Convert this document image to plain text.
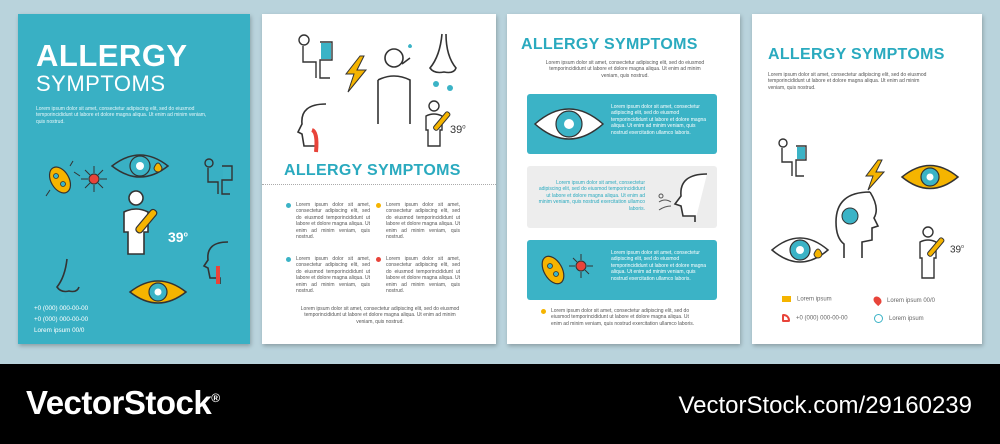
ALLERGY
SYMPTOMS
Lorem ipsum dolor sit amet, consectetur adipiscing elit, sed do eiusmod temporincididunt ut labore et dolore magna aliqua. Ut enim ad minim veniam, quis nostrud.
$39^o$
+0 (000) 000-00-00
+0 (000) 000-00-00
Lorem ipsum 00/0
39$^o$
ALLERGY SYMPTOMS
Lorem ipsum dolor sit amet, consectetur adipiscing elit, sed do eiusmod temporincididunt ut labore et dolore magna aliqua. Ut enim ad minim veniam, quis nostrud.
Lorem ipsum dolor sit amet, consectetur adipiscing elit, sed do eiusmod temporincididunt ut labore et dolore magna aliqua. Ut enim ad minim veniam, quis nostrud.
Lorem ipsum dolor sit amet, consectetur adipiscing elit, sed do eiusmod temporincididunt ut labore et dolore magna aliqua. Ut enim ad minim veniam, quis nostrud.
Lorem ipsum dolor sit amet, consectetur adipiscing elit, sed do eiusmod temporincididunt ut labore et dolore magna aliqua. Ut enim ad minim veniam, quis nostrud.
Lorem ipsum dolor sit amet, consectetur adipiscing elit, sed do eiusmod temporincididunt ut labore et dolore magna aliqua. Ut enim ad minim veniam, quis nostrud.
ALLERGY SYMPTOMS
Lorem ipsum dolor sit amet, consectetur adipiscing elit, sed do eiusmod temporincididunt ut labore et dolore magna aliqua. Ut enim ad minim veniam, quis nostrud.
Lorem ipsum dolor sit amet, consectetur adipiscing elit, sed do eiusmod temporincididunt ut labore et dolore magna aliqua. Ut enim ad minim veniam, quis nostrud exercitation ullamco laboris.
Lorem ipsum dolor sit amet, consectetur adipiscing elit, sed do eiusmod temporincididunt ut labore et dolore magna aliqua. Ut enim ad minim veniam, quis nostrud exercitation ullamco laboris.
Lorem ipsum dolor sit amet, consectetur adipiscing elit, sed do eiusmod temporincididunt ut labore et dolore magna aliqua. Ut enim ad minim veniam, quis nostrud exercitation ullamco laboris.
Lorem ipsum dolor sit amet, consectetur adipiscing elit, sed do eiusmod temporincididunt ut labore et dolore magna aliqua. Ut enim ad minim veniam, quis nostrud exercitation ullamco laboris.
ALLERGY SYMPTOMS
Lorem ipsum dolor sit amet, consectetur adipiscing elit, sed do eiusmod temporincididunt ut labore et dolore magna aliqua. Ut enim ad minim veniam, quis nostrud.
39$^o$
Lorem ipsum	Lorem ipsum 00/0
+0 (000) 000-00-00	Lorem ipsum
VectorStock®	VectorStock.com/29160239
